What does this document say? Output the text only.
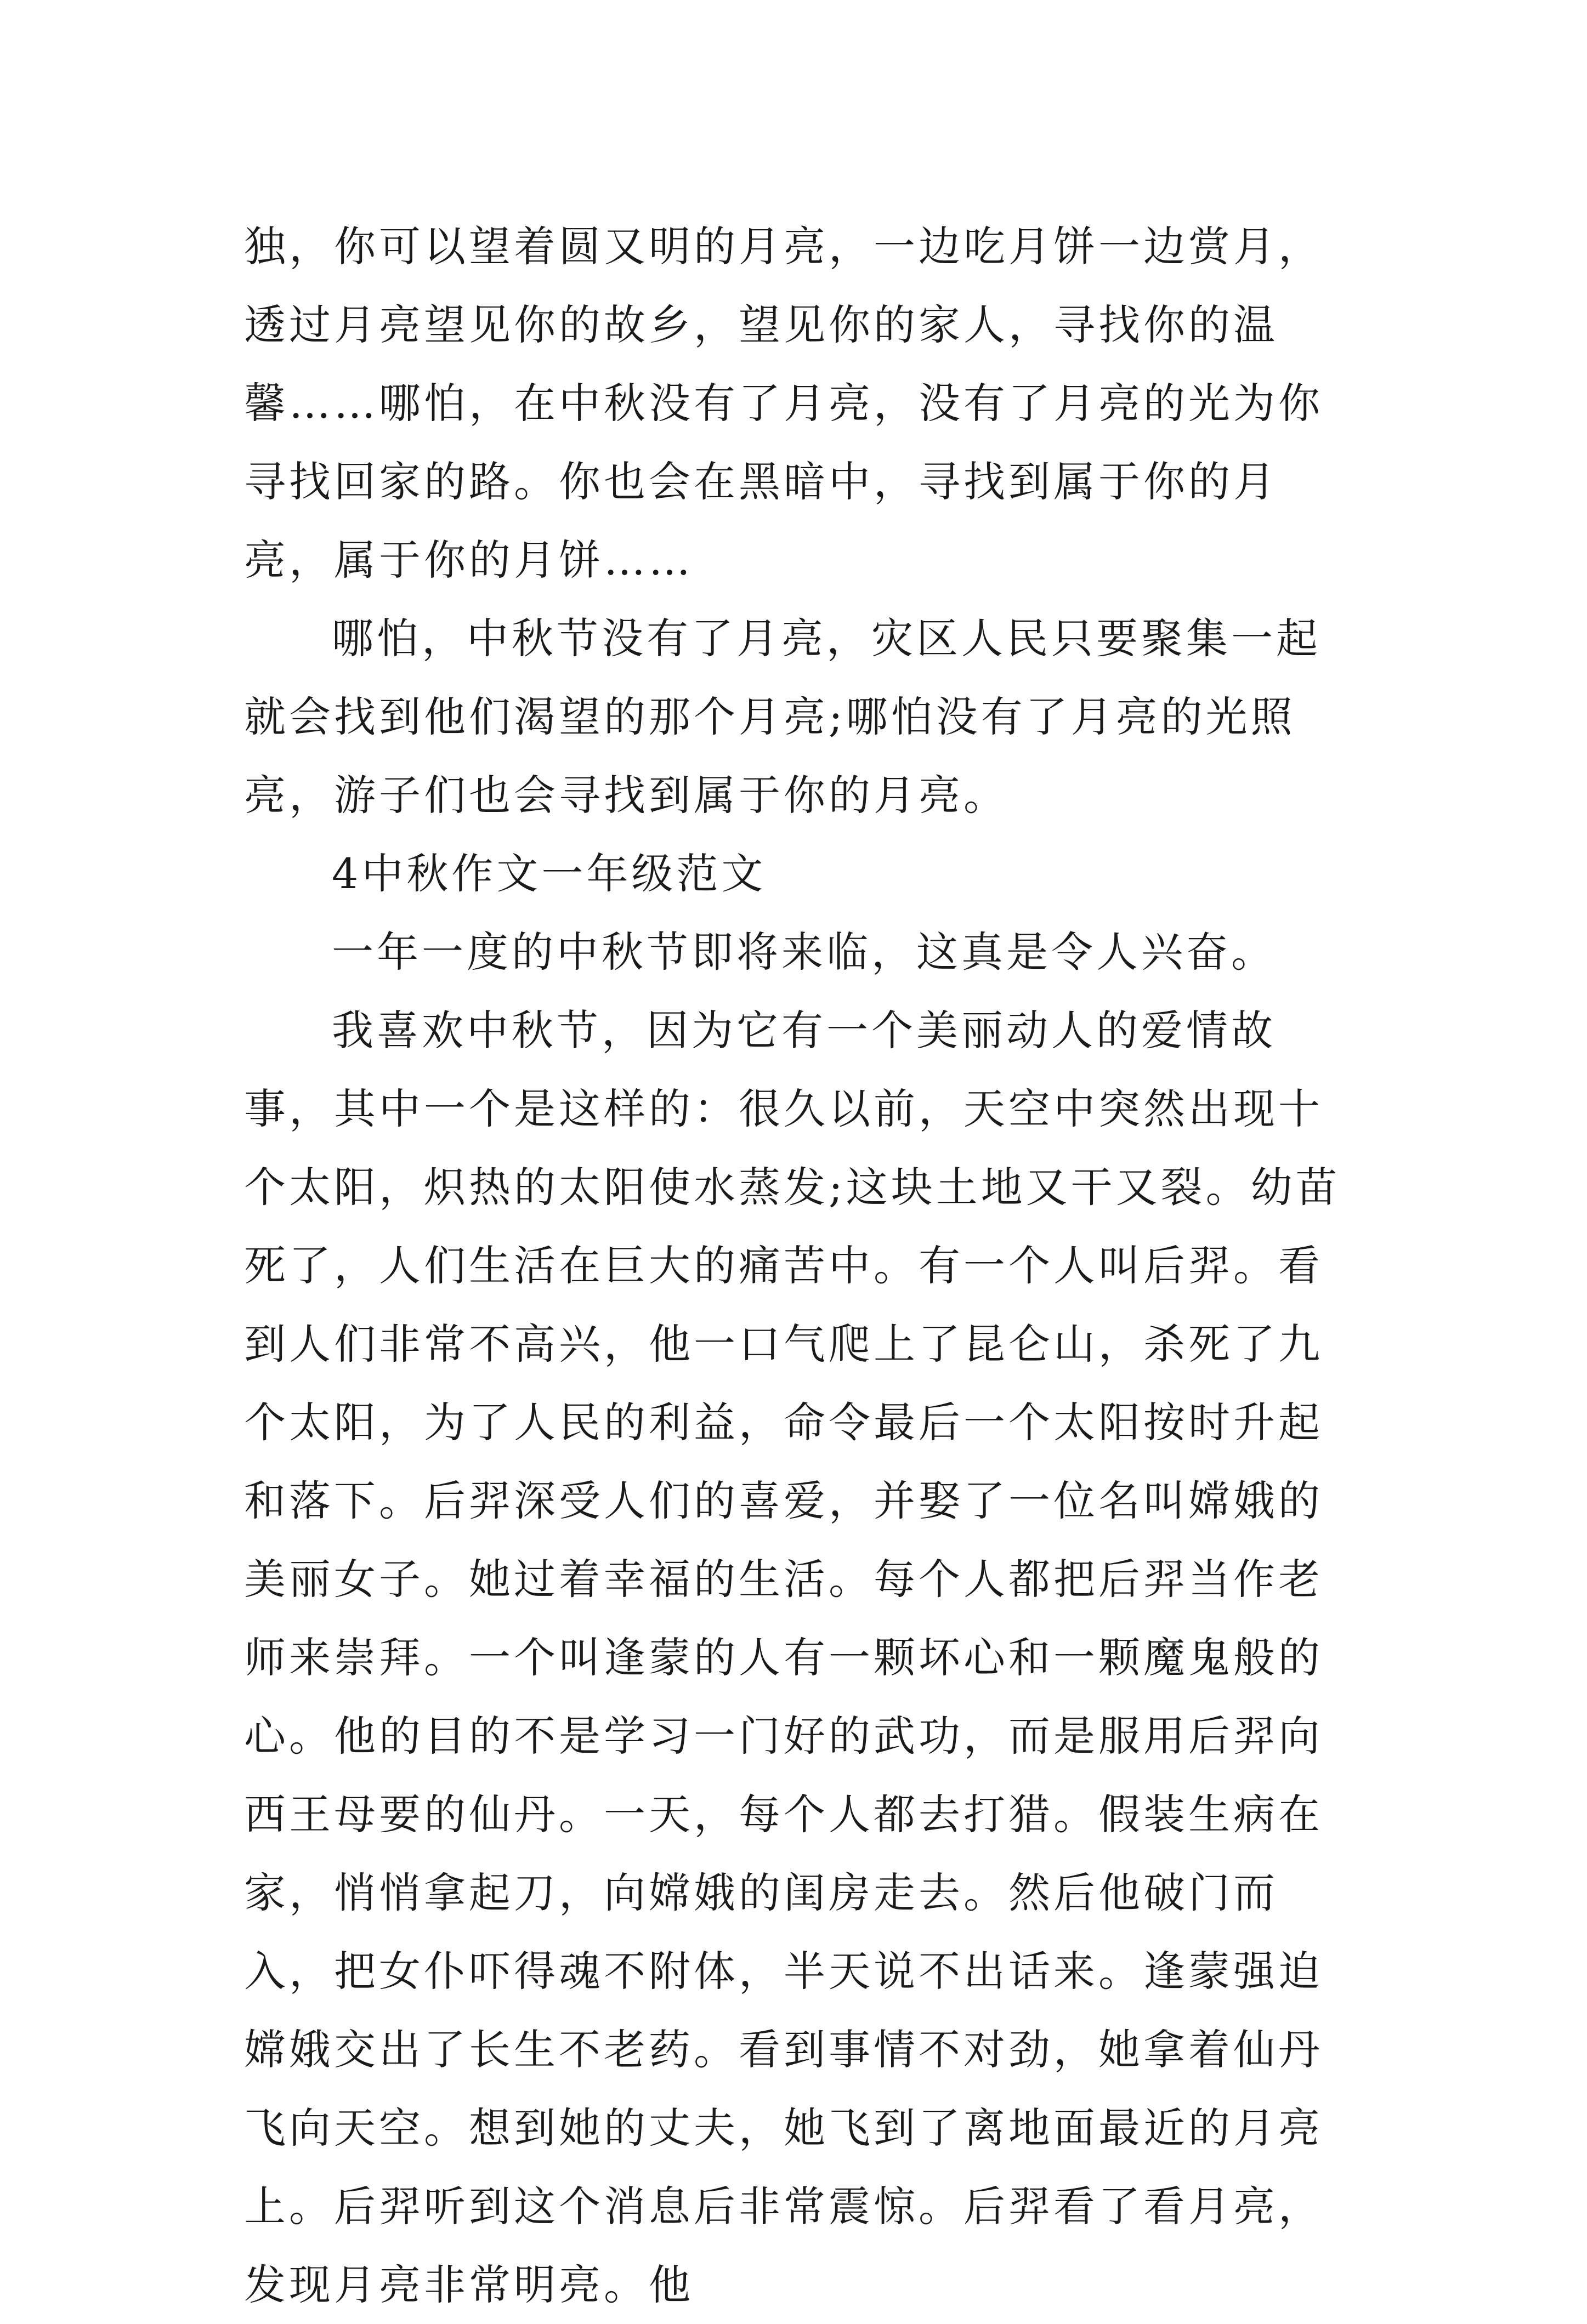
独，你可以望着圆又明的月亮，一边吃月饼一边赏月，透过月亮望见你的故乡，望见你的家人，寻找你的温馨……哪怕，在中秋没有了月亮，没有了月亮的光为你寻找回家的路。你也会在黑暗中，寻找到属于你的月亮，属于你的月饼……

哪怕，中秋节没有了月亮，灾区人民只要聚集一起就会找到他们渴望的那个月亮;哪怕没有了月亮的光照亮，游子们也会寻找到属于你的月亮。

4中秋作文一年级范文

一年一度的中秋节即将来临，这真是令人兴奋。

我喜欢中秋节，因为它有一个美丽动人的爱情故事，其中一个是这样的：很久以前，天空中突然出现十个太阳，炽热的太阳使水蒸发;这块土地又干又裂。幼苗死了，人们生活在巨大的痛苦中。有一个人叫后羿。看到人们非常不高兴，他一口气爬上了昆仑山，杀死了九个太阳，为了人民的利益，命令最后一个太阳按时升起和落下。后羿深受人们的喜爱，并娶了一位名叫嫦娥的美丽女子。她过着幸福的生活。每个人都把后羿当作老师来崇拜。一个叫逢蒙的人有一颗坏心和一颗魔鬼般的心。他的目的不是学习一门好的武功，而是服用后羿向西王母要的仙丹。一天，每个人都去打猎。假装生病在家，悄悄拿起刀，向嫦娥的闺房走去。然后他破门而入，把女仆吓得魂不附体，半天说不出话来。逢蒙强迫嫦娥交出了长生不老药。看到事情不对劲，她拿着仙丹飞向天空。想到她的丈夫，她飞到了离地面最近的月亮上。后羿听到这个消息后非常震惊。后羿看了看月亮，发现月亮非常明亮。他
